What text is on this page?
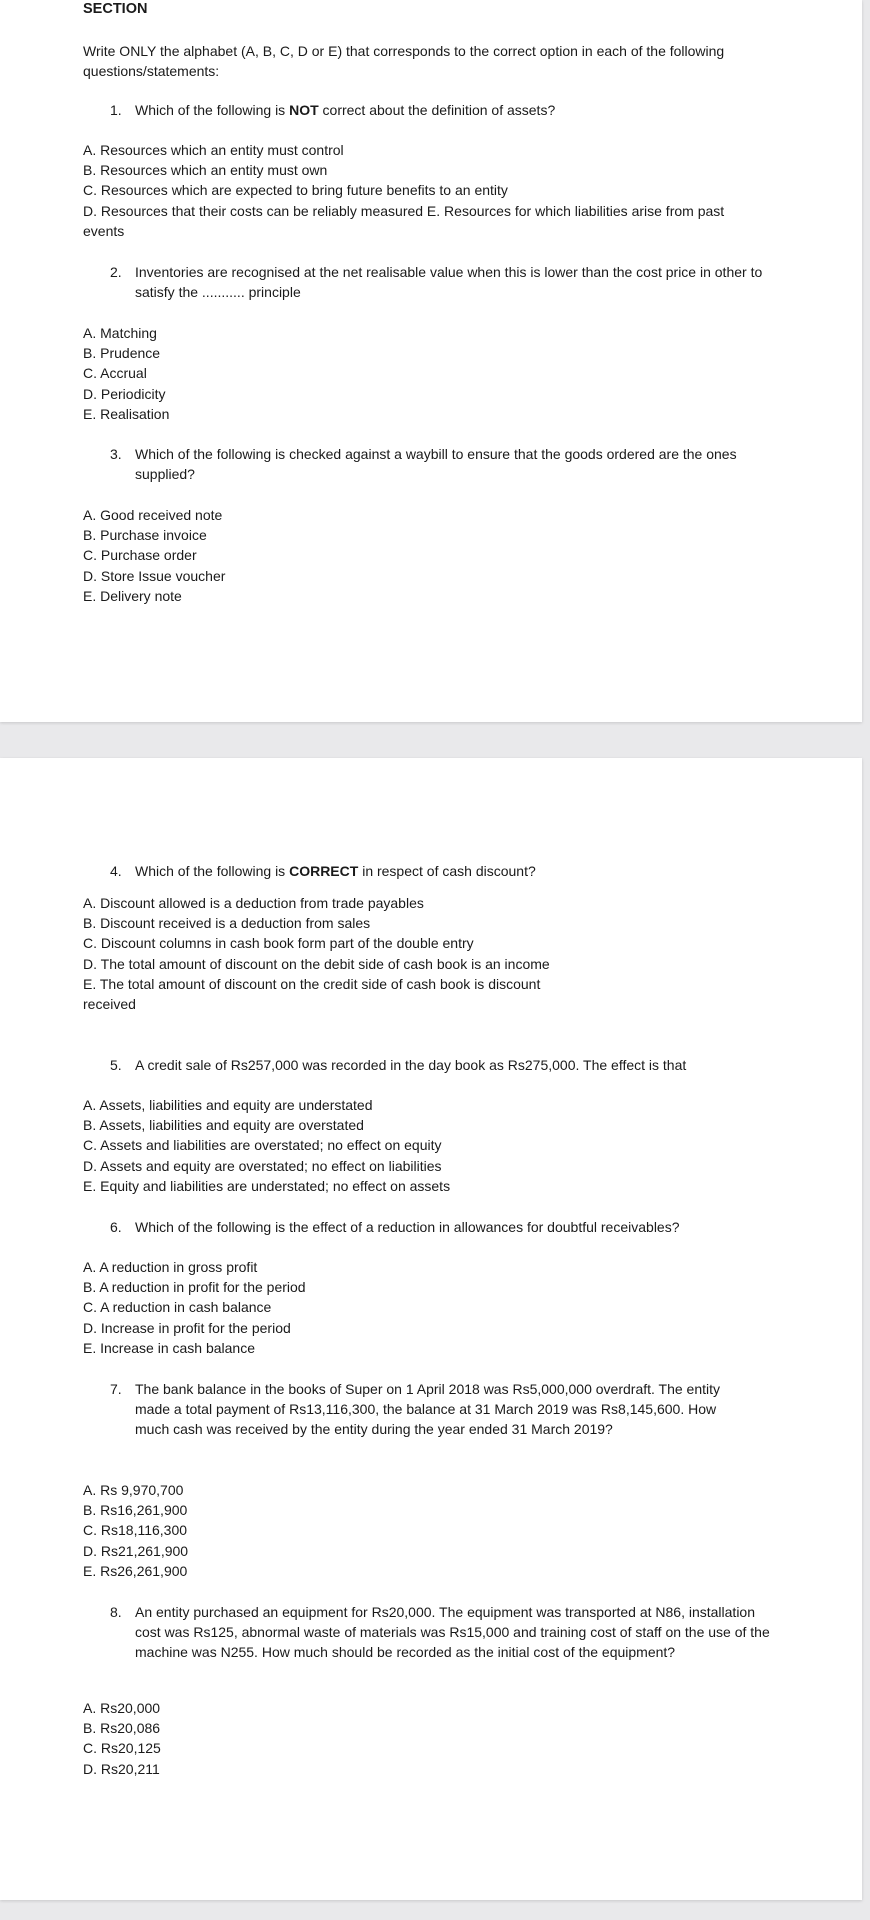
SECTION
Write ONLY the alphabet (A, B, C, D or E) that corresponds to the correct option in each of the following questions/statements:
1. Which of the following is NOT correct about the definition of assets?
A. Resources which an entity must control
B. Resources which an entity must own
C. Resources which are expected to bring future benefits to an entity
D. Resources that their costs can be reliably measured E. Resources for which liabilities arise from past events
2. Inventories are recognised at the net realisable value when this is lower than the cost price in other to satisfy the ........... principle
A. Matching
B. Prudence
C. Accrual
D. Periodicity
E. Realisation
3. Which of the following is checked against a waybill to ensure that the goods ordered are the ones supplied?
A. Good received note
B. Purchase invoice
C. Purchase order
D. Store Issue voucher
E. Delivery note
4. Which of the following is CORRECT in respect of cash discount?
A. Discount allowed is a deduction from trade payables
B. Discount received is a deduction from sales
C. Discount columns in cash book form part of the double entry
D. The total amount of discount on the debit side of cash book is an income
E. The total amount of discount on the credit side of cash book is discount received
5. A credit sale of Rs257,000 was recorded in the day book as Rs275,000. The effect is that
A. Assets, liabilities and equity are understated
B. Assets, liabilities and equity are overstated
C. Assets and liabilities are overstated; no effect on equity
D. Assets and equity are overstated; no effect on liabilities
E. Equity and liabilities are understated; no effect on assets
6. Which of the following is the effect of a reduction in allowances for doubtful receivables?
A. A reduction in gross profit
B. A reduction in profit for the period
C. A reduction in cash balance
D. Increase in profit for the period
E. Increase in cash balance
7. The bank balance in the books of Super on 1 April 2018 was Rs5,000,000 overdraft. The entity made a total payment of Rs13,116,300, the balance at 31 March 2019 was Rs8,145,600. How much cash was received by the entity during the year ended 31 March 2019?
A. Rs 9,970,700
B. Rs16,261,900
C. Rs18,116,300
D. Rs21,261,900
E. Rs26,261,900
8. An entity purchased an equipment for Rs20,000. The equipment was transported at N86, installation cost was Rs125, abnormal waste of materials was Rs15,000 and training cost of staff on the use of the machine was N255. How much should be recorded as the initial cost of the equipment?
A. Rs20,000
B. Rs20,086
C. Rs20,125
D. Rs20,211
